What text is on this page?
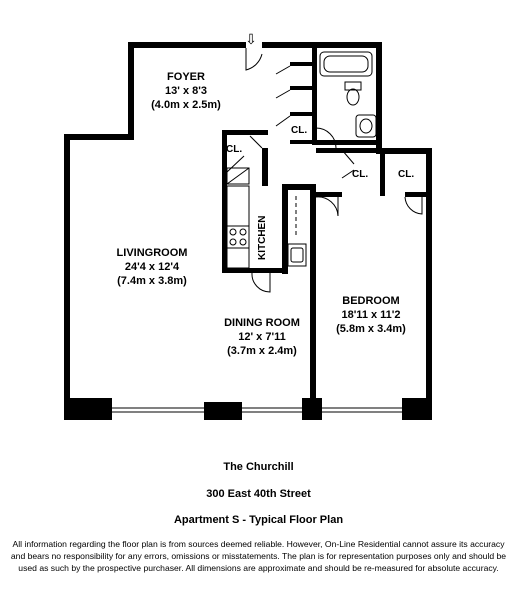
⇩
FOYER
13' x 8'3
(4.0m x 2.5m)
LIVINGROOM
24'4 x 12'4
(7.4m x 3.8m)
DINING ROOM
12' x 7'11
(3.7m x 2.4m)
BEDROOM
18'11 x 11'2
(5.8m x 3.4m)
KITCHEN
CL.
CL.
CL.	CL.
The Churchill
300 East 40th Street
Apartment S - Typical Floor Plan
All information regarding the floor plan is from sources deemed reliable. However, On-Line Residential cannot assure its accuracy
and bears no responsibility for any errors, omissions or misstatements. The plan is for representation purposes only and should be
used as such by the prospective purchaser. All dimensions are approximate and should be re-measured for absolute accuracy.
